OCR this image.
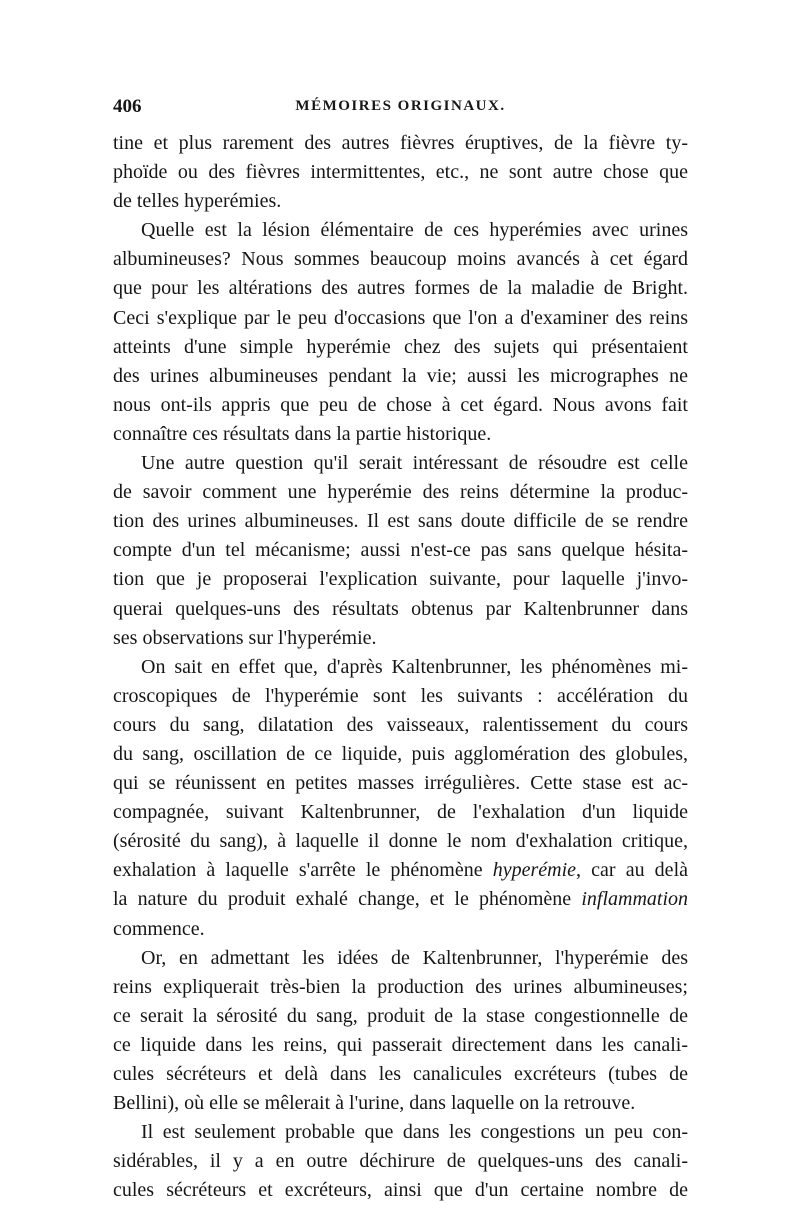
406	MÉMOIRES ORIGINAUX.
tine et plus rarement des autres fièvres éruptives, de la fièvre ty-
phoïde ou des fièvres intermittentes, etc., ne sont autre chose que
de telles hyperémies.
Quelle est la lésion élémentaire de ces hyperémies avec urines
albumineuses? Nous sommes beaucoup moins avancés à cet égard
que pour les altérations des autres formes de la maladie de Bright.
Ceci s'explique par le peu d'occasions que l'on a d'examiner des reins
atteints d'une simple hyperémie chez des sujets qui présentaient
des urines albumineuses pendant la vie; aussi les micrographes ne
nous ont-ils appris que peu de chose à cet égard. Nous avons fait
connaître ces résultats dans la partie historique.
Une autre question qu'il serait intéressant de résoudre est celle
de savoir comment une hyperémie des reins détermine la produc-
tion des urines albumineuses. Il est sans doute difficile de se rendre
compte d'un tel mécanisme; aussi n'est-ce pas sans quelque hésita-
tion que je proposerai l'explication suivante, pour laquelle j'invo-
querai quelques-uns des résultats obtenus par Kaltenbrunner dans
ses observations sur l'hyperémie.
On sait en effet que, d'après Kaltenbrunner, les phénomènes mi-
croscopiques de l'hyperémie sont les suivants : accélération du
cours du sang, dilatation des vaisseaux, ralentissement du cours
du sang, oscillation de ce liquide, puis agglomération des globules,
qui se réunissent en petites masses irrégulières. Cette stase est ac-
compagnée, suivant Kaltenbrunner, de l'exhalation d'un liquide
(sérosité du sang), à laquelle il donne le nom d'exhalation critique,
exhalation à laquelle s'arrête le phénomène hyperémie, car au delà
la nature du produit exhalé change, et le phénomène inflammation
commence.
Or, en admettant les idées de Kaltenbrunner, l'hyperémie des
reins expliquerait très-bien la production des urines albumineuses;
ce serait la sérosité du sang, produit de la stase congestionnelle de
ce liquide dans les reins, qui passerait directement dans les canali-
cules sécréteurs et delà dans les canalicules excréteurs (tubes de
Bellini), où elle se mêlerait à l'urine, dans laquelle on la retrouve.
Il est seulement probable que dans les congestions un peu con-
sidérables, il y a en outre déchirure de quelques-uns des canali-
cules sécréteurs et excréteurs, ainsi que d'un certaine nombre de
